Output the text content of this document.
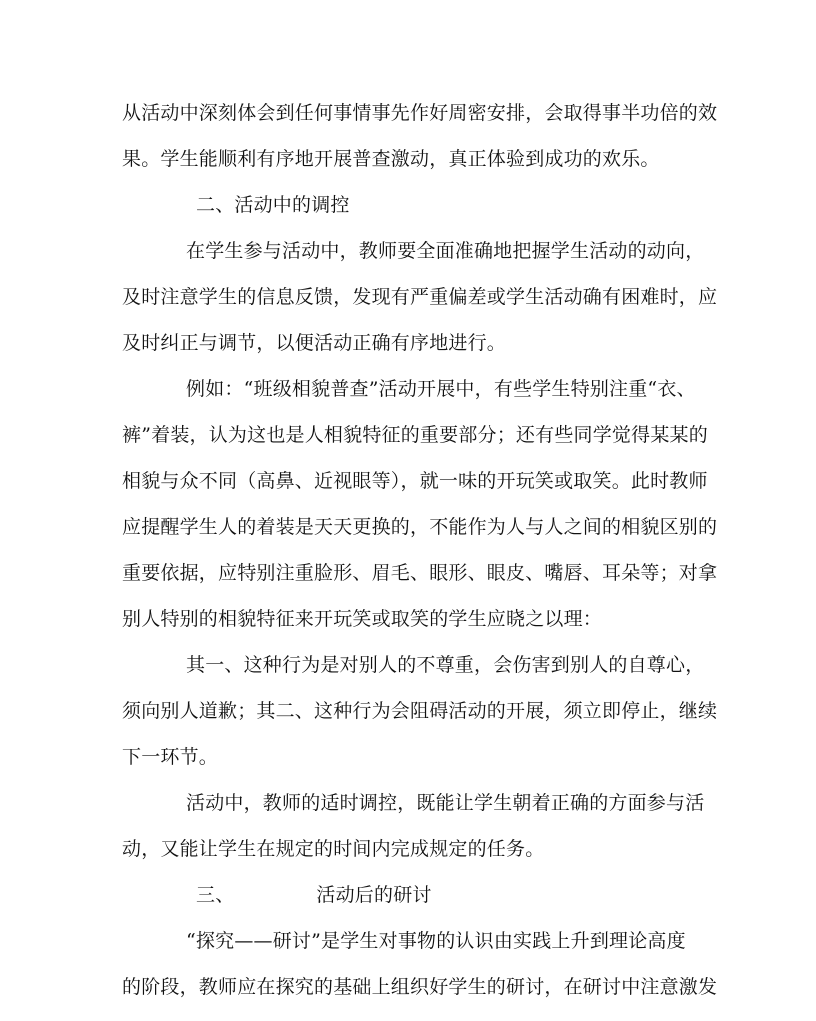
从活动中深刻体会到任何事情事先作好周密安排，会取得事半功倍的效
果。学生能顺利有序地开展普查激动，真正体验到成功的欢乐。
二、活动中的调控
在学生参与活动中，教师要全面准确地把握学生活动的动向，
及时注意学生的信息反馈，发现有严重偏差或学生活动确有困难时，应
及时纠正与调节，以便活动正确有序地进行。
例如：“班级相貌普查”活动开展中，有些学生特别注重“衣、
裤”着装，认为这也是人相貌特征的重要部分；还有些同学觉得某某的
相貌与众不同（高鼻、近视眼等），就一味的开玩笑或取笑。此时教师
应提醒学生人的着装是天天更换的，不能作为人与人之间的相貌区别的
重要依据，应特别注重脸形、眉毛、眼形、眼皮、嘴唇、耳朵等；对拿
别人特别的相貌特征来开玩笑或取笑的学生应晓之以理：
其一、这种行为是对别人的不尊重，会伤害到别人的自尊心，
须向别人道歉；其二、这种行为会阻碍活动的开展，须立即停止，继续
下一环节。
活动中，教师的适时调控，既能让学生朝着正确的方面参与活
动，又能让学生在规定的时间内完成规定的任务。
三、	活动后的研讨
“探究——研讨”是学生对事物的认识由实践上升到理论高度
的阶段，教师应在探究的基础上组织好学生的研讨，在研讨中注意激发
